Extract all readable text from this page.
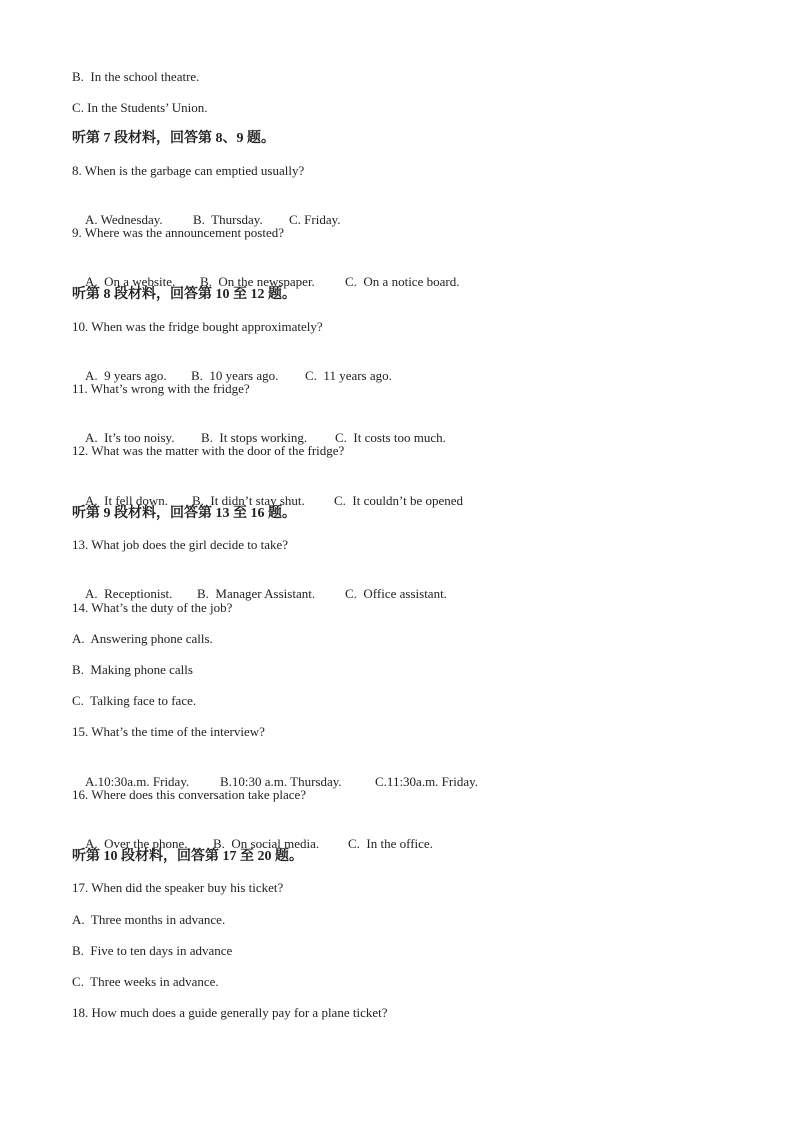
B.  In the school theatre.
C. In the Students’ Union.
听第 7 段材料，回答第 8、9 题。
8. When is the garbage can emptied usually?

A. Wednesday. B.  Thursday. C. Friday.

9. Where was the announcement posted?

A.  On a website. B.  On the newspaper. C.  On a notice board.

听第 8 段材料，回答第 10 至 12 题。
10. When was the fridge bought approximately?

A.  9 years ago. B.  10 years ago. C.  11 years ago.

11. What’s wrong with the fridge?

A.  It’s too noisy. B.  It stops working. C.  It costs too much.

12. What was the matter with the door of the fridge?

A.  It fell down. B.  It didn’t stay shut. C.  It couldn’t be opened

听第 9 段材料，回答第 13 至 16 题。
13. What job does the girl decide to take?

A.  Receptionist. B.  Manager Assistant. C.  Office assistant.

14. What’s the duty of the job?
A.  Answering phone calls.
B.  Making phone calls
C.  Talking face to face.
15. What’s the time of the interview?

A.10:30a.m. Friday. B.10:30 a.m. Thursday.	C.11:30a.m. Friday.

16. Where does this conversation take place?

A.  Over the phone. B.  On social media. C.  In the office.

听第 10 段材料，回答第 17 至 20 题。
17. When did the speaker buy his ticket?
A.  Three months in advance.
B.  Five to ten days in advance
C.  Three weeks in advance.
18. How much does a guide generally pay for a plane ticket?
